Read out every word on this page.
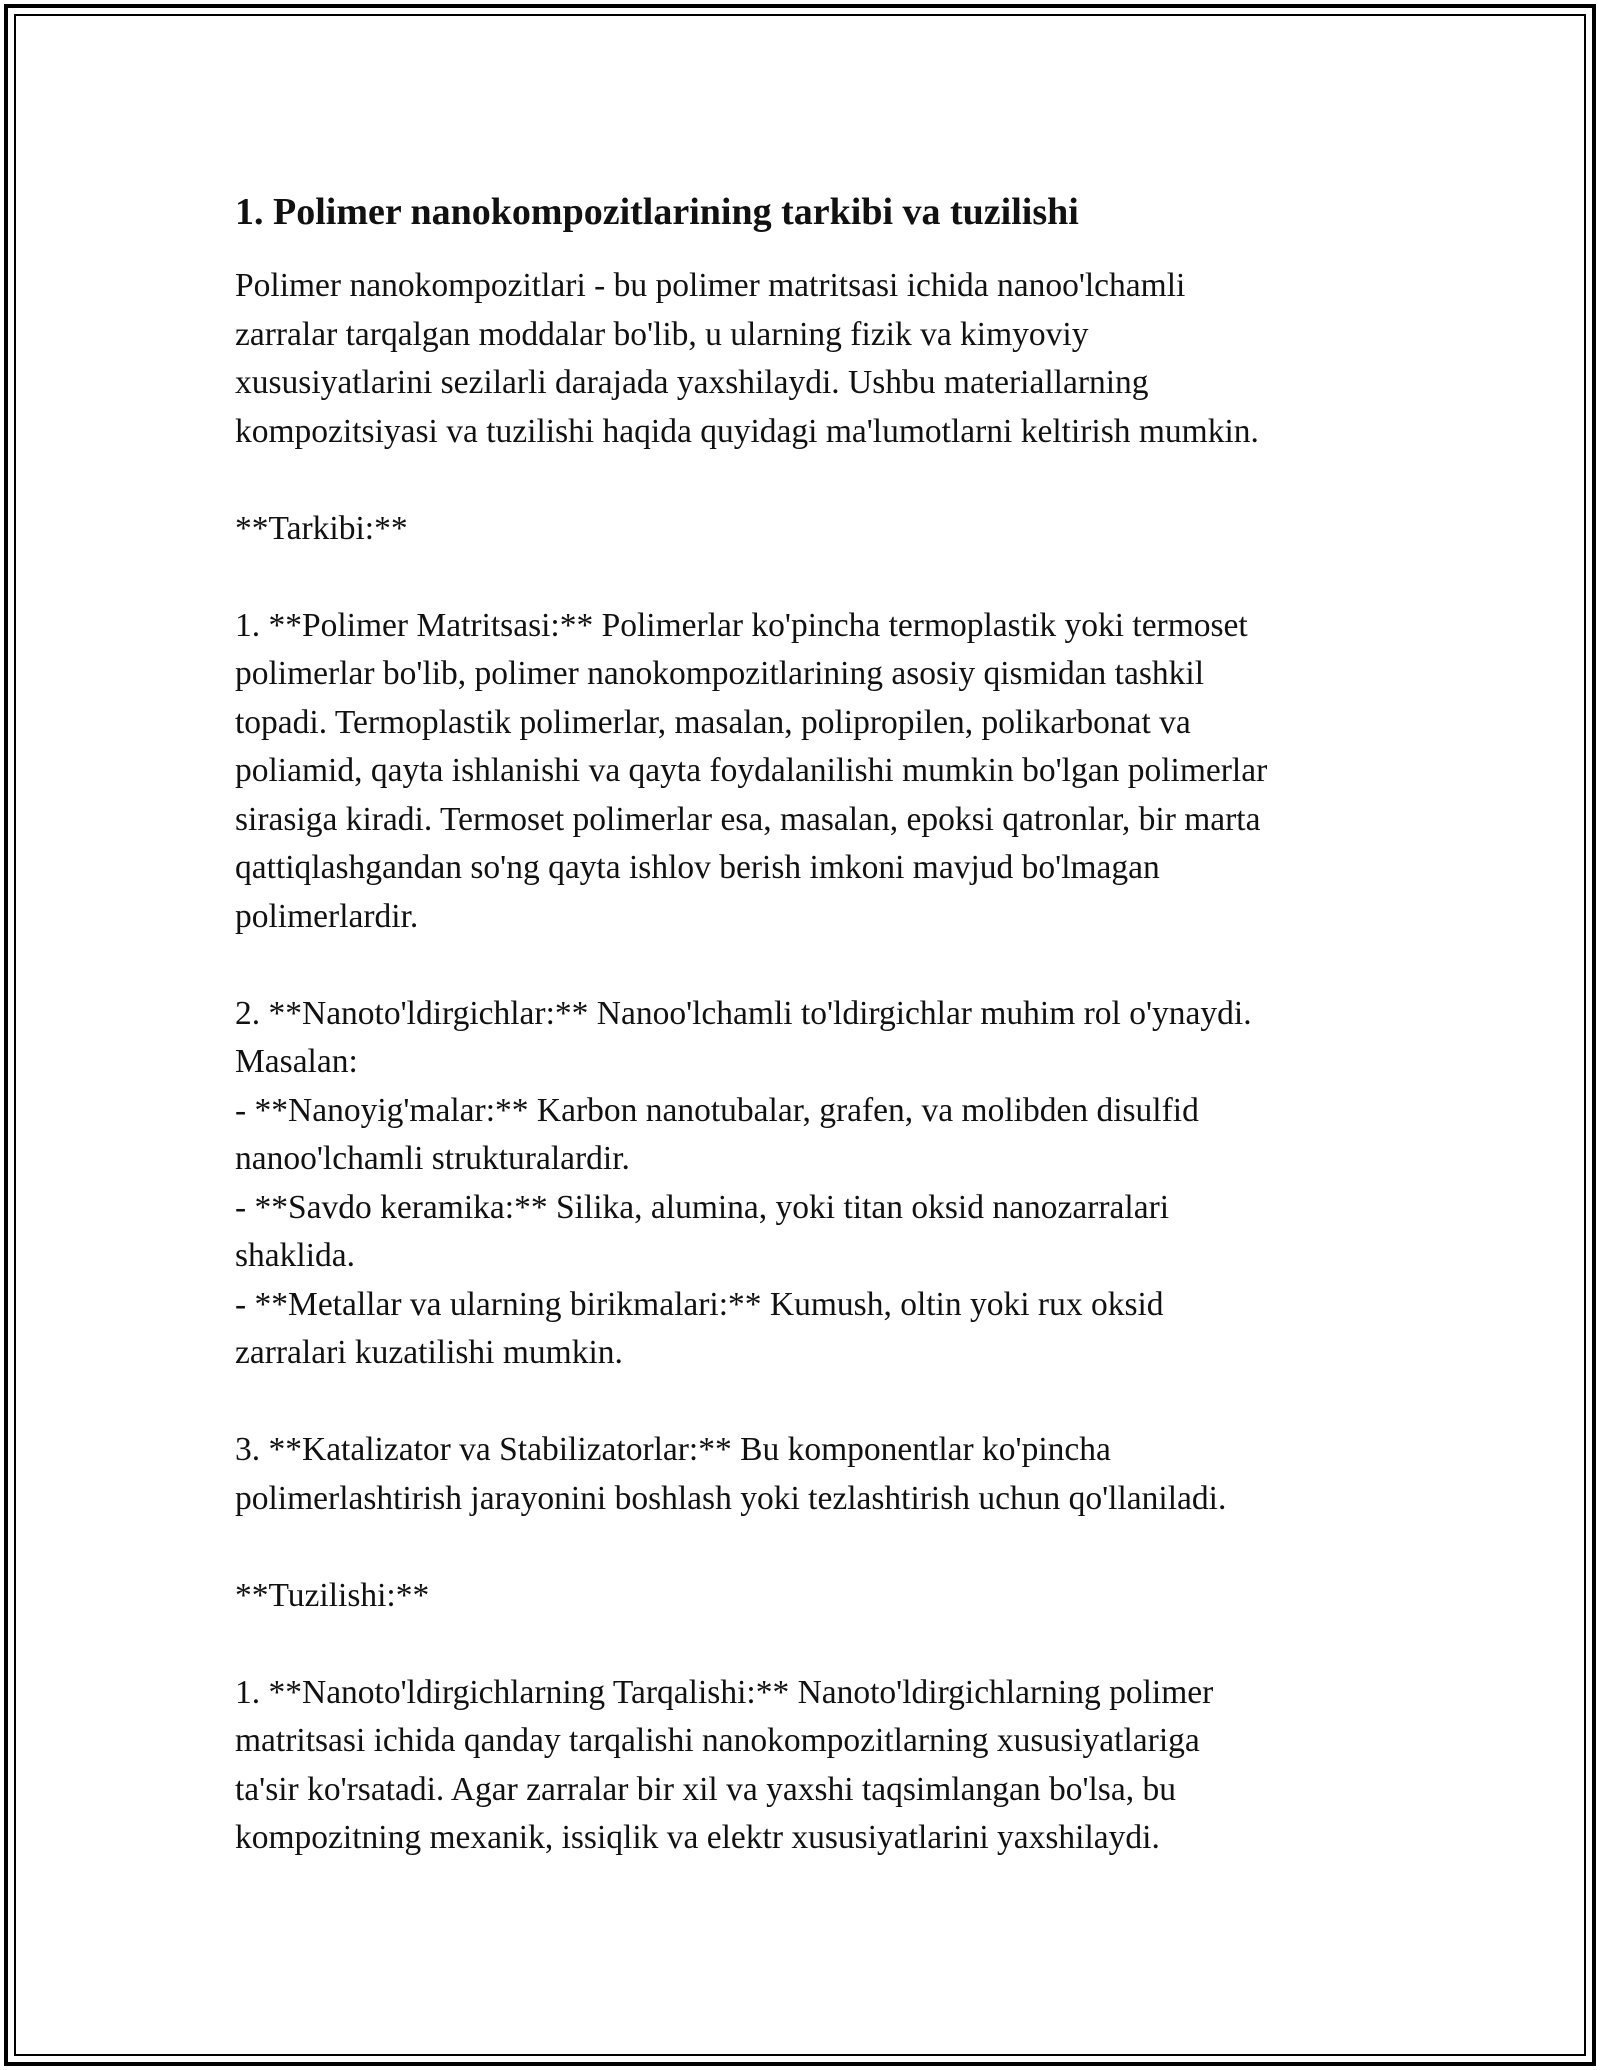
1. Polimer nanokompozitlarining tarkibi va tuzilishi

Polimer nanokompozitlari - bu polimer matritsasi ichida nanoo'lchamli
zarralar tarqalgan moddalar bo'lib, u ularning fizik va kimyoviy
xususiyatlarini sezilarli darajada yaxshilaydi. Ushbu materiallarning
kompozitsiyasi va tuzilishi haqida quyidagi ma'lumotlarni keltirish mumkin.

**Tarkibi:**

1. **Polimer Matritsasi:** Polimerlar ko'pincha termoplastik yoki termoset
polimerlar bo'lib, polimer nanokompozitlarining asosiy qismidan tashkil
topadi. Termoplastik polimerlar, masalan, polipropilen, polikarbonat va
poliamid, qayta ishlanishi va qayta foydalanilishi mumkin bo'lgan polimerlar
sirasiga kiradi. Termoset polimerlar esa, masalan, epoksi qatronlar, bir marta
qattiqlashgandan so'ng qayta ishlov berish imkoni mavjud bo'lmagan
polimerlardir.

2. **Nanoto'ldirgichlar:** Nanoo'lchamli to'ldirgichlar muhim rol o'ynaydi.
Masalan:
- **Nanoyig'malar:** Karbon nanotubalar, grafen, va molibden disulfid
nanoo'lchamli strukturalardir.
- **Savdo keramika:** Silika, alumina, yoki titan oksid nanozarralari
shaklida.
- **Metallar va ularning birikmalari:** Kumush, oltin yoki rux oksid
zarralari kuzatilishi mumkin.

3. **Katalizator va Stabilizatorlar:** Bu komponentlar ko'pincha
polimerlashtirish jarayonini boshlash yoki tezlashtirish uchun qo'llaniladi.

**Tuzilishi:**

1. **Nanoto'ldirgichlarning Tarqalishi:** Nanoto'ldirgichlarning polimer
matritsasi ichida qanday tarqalishi nanokompozitlarning xususiyatlariga
ta'sir ko'rsatadi. Agar zarralar bir xil va yaxshi taqsimlangan bo'lsa, bu
kompozitning mexanik, issiqlik va elektr xususiyatlarini yaxshilaydi.
